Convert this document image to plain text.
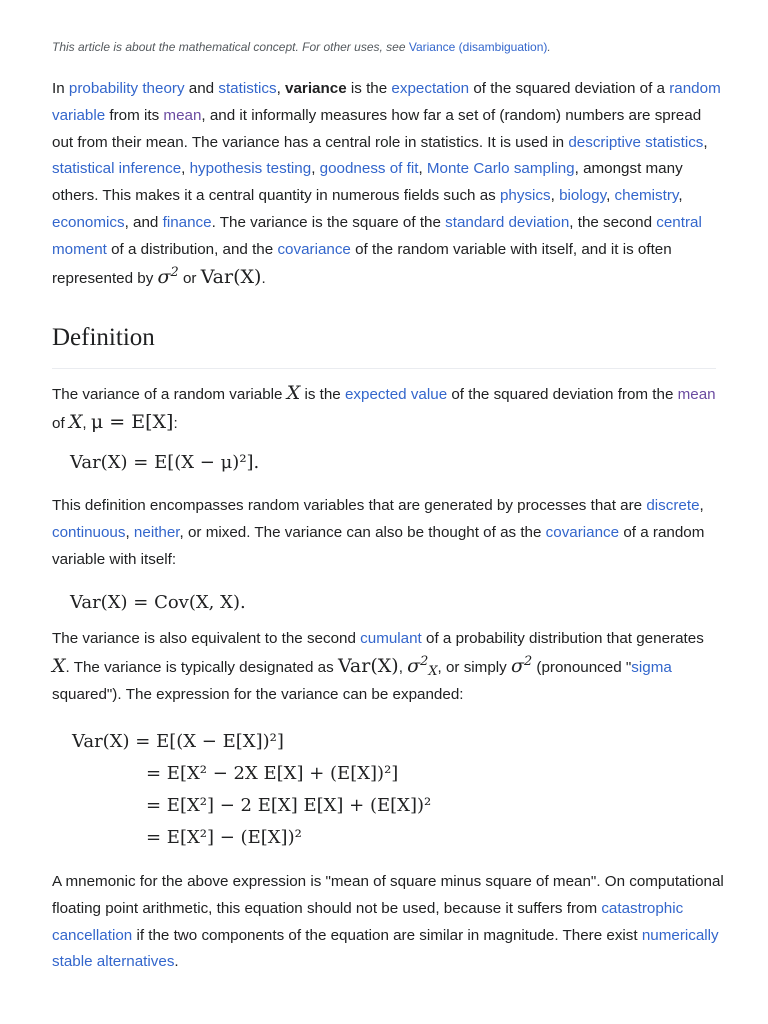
This article is about the mathematical concept. For other uses, see Variance (disambiguation).
In probability theory and statistics, variance is the expectation of the squared deviation of a random variable from its mean, and it informally measures how far a set of (random) numbers are spread out from their mean. The variance has a central role in statistics. It is used in descriptive statistics, statistical inference, hypothesis testing, goodness of fit, Monte Carlo sampling, amongst many others. This makes it a central quantity in numerous fields such as physics, biology, chemistry, economics, and finance. The variance is the square of the standard deviation, the second central moment of a distribution, and the covariance of the random variable with itself, and it is often represented by $\sigma^2$ or Var(X).
Definition
The variance of a random variable X is the expected value of the squared deviation from the mean of X, μ = E[X]:
Var(X) = E[(X − μ)²].
This definition encompasses random variables that are generated by processes that are discrete, continuous, neither, or mixed. The variance can also be thought of as the covariance of a random variable with itself:
Var(X) = Cov(X, X).
The variance is also equivalent to the second cumulant of a probability distribution that generates X. The variance is typically designated as Var(X), $\sigma^2_X$, or simply $\sigma^2$ (pronounced "sigma squared"). The expression for the variance can be expanded:
Var(X) = E[(X − E[X])²]
= E[X² − 2X E[X] + (E[X])²]
= E[X²] − 2 E[X] E[X] + (E[X])²
= E[X²] − (E[X])²
A mnemonic for the above expression is "mean of square minus square of mean". On computational floating point arithmetic, this equation should not be used, because it suffers from catastrophic cancellation if the two components of the equation are similar in magnitude. There exist numerically stable alternatives.
